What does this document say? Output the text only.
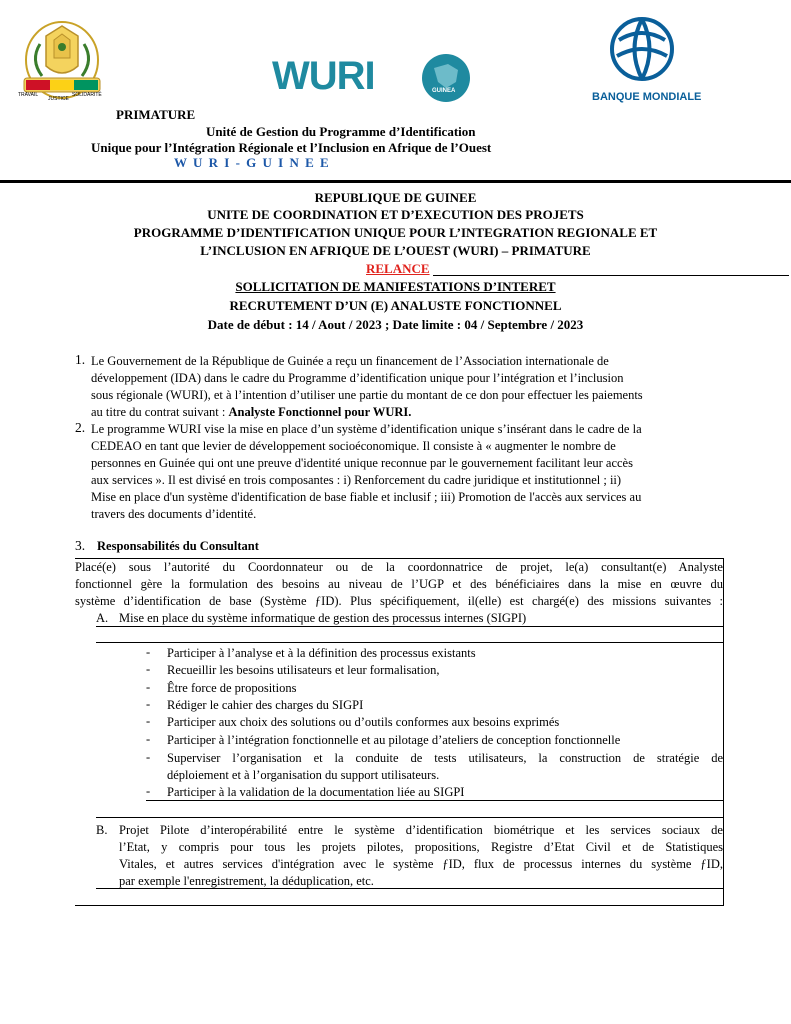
TRAVAIL
JUSTICE
SOLIDARITÉ	WURI	GUINEA	BANQUE MONDIALE
PRIMATURE
Unité de Gestion du Programme d’Identification
Unique pour l’Intégration Régionale et l’Inclusion en Afrique de l’Ouest
W U R I - G U I N E E
REPUBLIQUE DE GUINEE
UNITE DE COORDINATION ET D’EXECUTION DES PROJETS
PROGRAMME D’IDENTIFICATION UNIQUE POUR L’INTEGRATION REGIONALE ET
L’INCLUSION EN AFRIQUE DE L’OUEST (WURI) – PRIMATURE
RELANCE
SOLLICITATION DE MANIFESTATIONS D’INTERET
RECRUTEMENT D’UN (E) ANALUSTE FONCTIONNEL
Date de début : 14 / Aout / 2023 ; Date limite : 04 / Septembre / 2023
1. Le Gouvernement de la République de Guinée a reçu un financement de l’Association internationale de
développement (IDA) dans le cadre du Programme d’identification unique pour l’intégration et l’inclusion
sous régionale (WURI), et à l’intention d’utiliser une partie du montant de ce don pour effectuer les paiements
au titre du contrat suivant : Analyste Fonctionnel pour WURI.
2. Le programme WURI vise la mise en place d’un système d’identification unique s’insérant dans le cadre de la
CEDEAO en tant que levier de développement socioéconomique. Il consiste à « augmenter le nombre de
personnes en Guinée qui ont une preuve d'identité unique reconnue par le gouvernement facilitant leur accès
aux services ». Il est divisé en trois composantes : i) Renforcement du cadre juridique et institutionnel ; ii)
Mise en place d'un système d'identification de base fiable et inclusif ; iii) Promotion de l'accès aux services au
travers des documents d’identité.
3. Responsabilités du Consultant
Placé(e) sous l’autorité du Coordonnateur ou de la coordonnatrice de projet, le(a) consultant(e) Analyste
fonctionnel gère la formulation des besoins au niveau de l’UGP et des bénéficiaires dans la mise en œuvre du
système d’identification de base (Système ƒID). Plus spécifiquement, il(elle) est chargé(e) des missions suivantes :
A. Mise en place du système informatique de gestion des processus internes (SIGPI)
- Participer à l’analyse et à la définition des processus existants
- Recueillir les besoins utilisateurs et leur formalisation,
- Être force de propositions
- Rédiger le cahier des charges du SIGPI
- Participer aux choix des solutions ou d’outils conformes aux besoins exprimés
- Participer à l’intégration fonctionnelle et au pilotage d’ateliers de conception fonctionnelle
- Superviser l’organisation et la conduite de tests utilisateurs, la construction de stratégie de
déploiement et à l’organisation du support utilisateurs.
- Participer à la validation de la documentation liée au SIGPI
B. Projet Pilote d’interopérabilité entre le système d’identification biométrique et les services sociaux de
l’Etat, y compris pour tous les projets pilotes, propositions, Registre d’Etat Civil et de Statistiques
Vitales, et autres services d'intégration avec le système ƒID, flux de processus internes du système ƒID,
par exemple l'enregistrement, la déduplication, etc.
